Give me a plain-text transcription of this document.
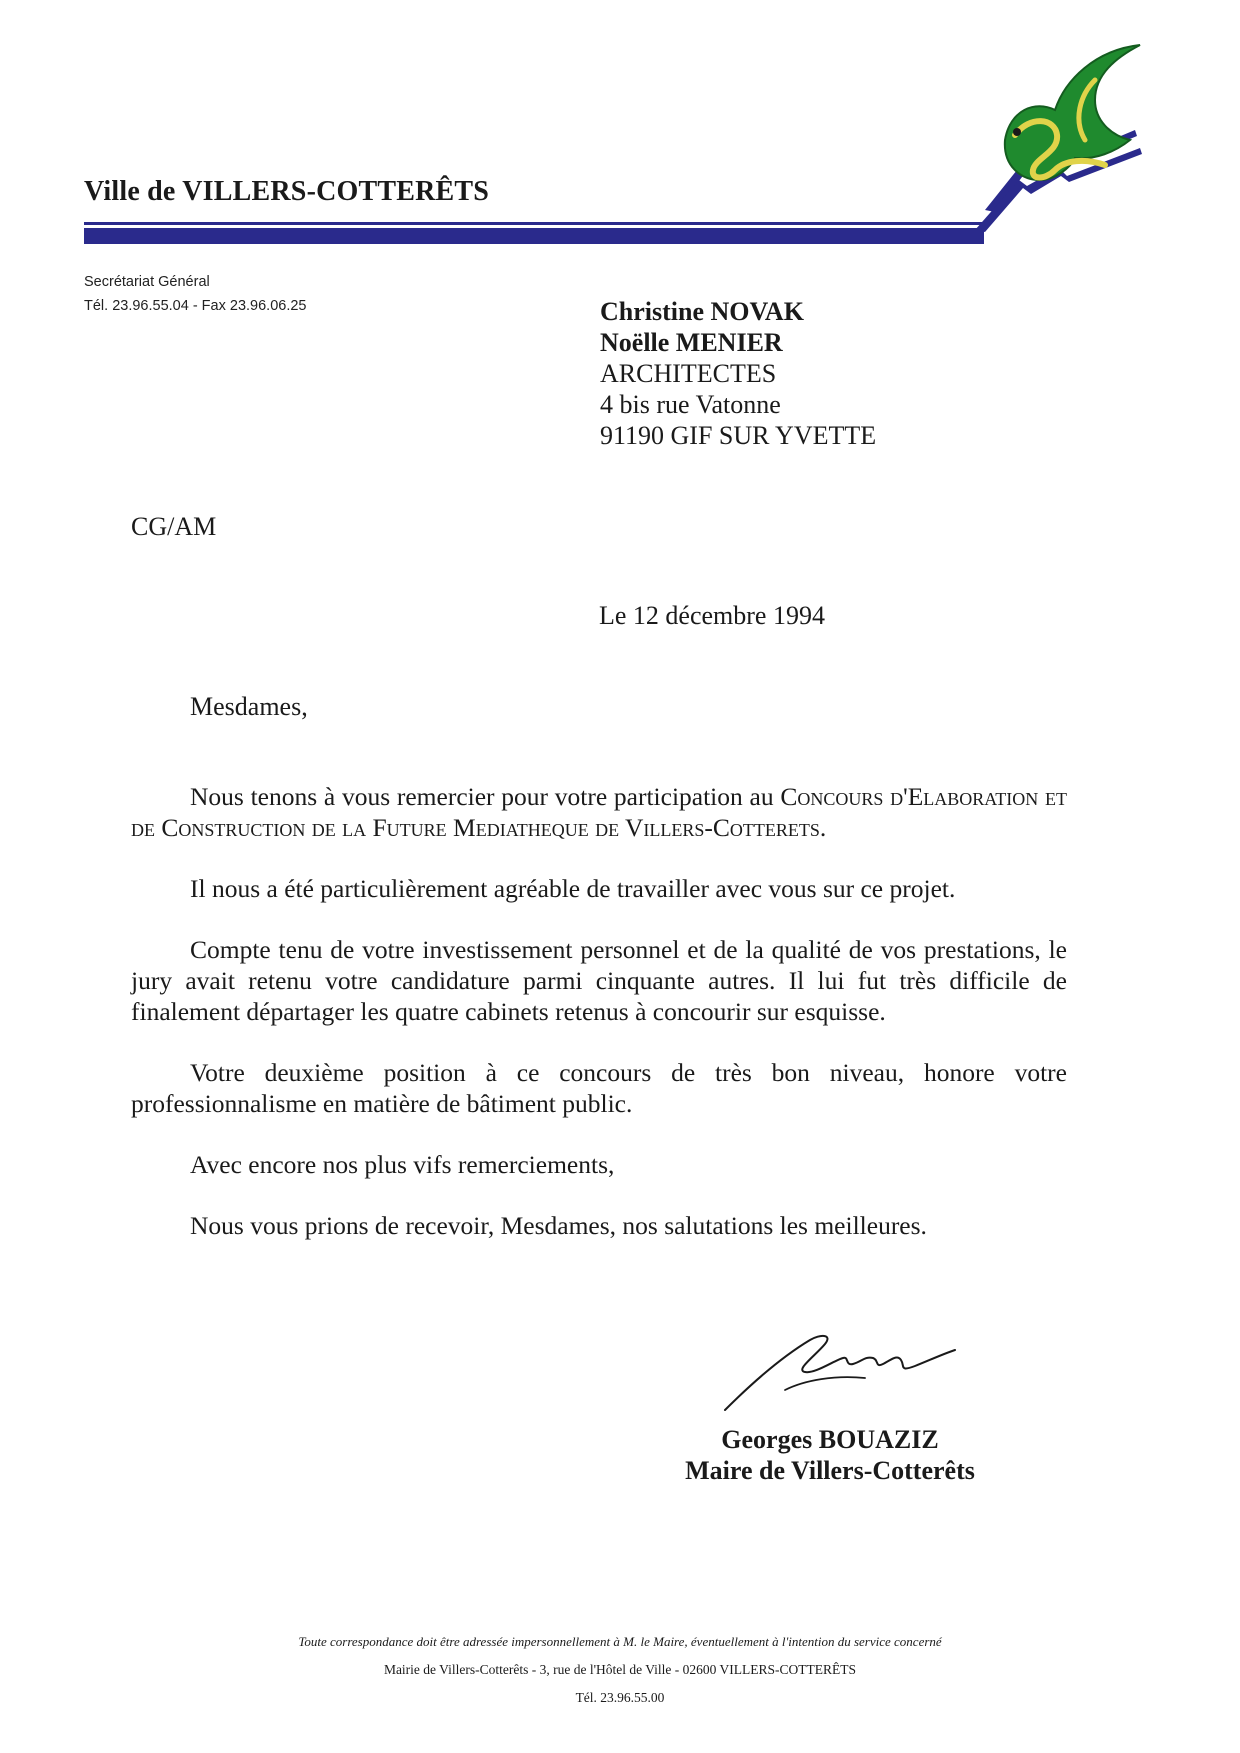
Ville de VILLERS-COTTERÊTS
Secrétariat Général
Tél. 23.96.55.04 - Fax 23.96.06.25	Christine NOVAK
Noëlle MENIER
ARCHITECTES
4 bis rue Vatonne
91190 GIF SUR YVETTE
CG/AM
Le 12 décembre 1994
Mesdames,

Nous tenons à vous remercier pour votre participation au Concours d'Elaboration et de Construction de la Future Mediatheque de Villers-Cotterets.

Il nous a été particulièrement agréable de travailler avec vous sur ce projet.

Compte tenu de votre investissement personnel et de la qualité de vos prestations, le jury avait retenu votre candidature parmi cinquante autres. Il lui fut très difficile de finalement départager les quatre cabinets retenus à concourir sur esquisse.

Votre deuxième position à ce concours de très bon niveau, honore votre professionnalisme en matière de bâtiment public.

Avec encore nos plus vifs remerciements,

Nous vous prions de recevoir, Mesdames, nos salutations les meilleures.

Georges BOUAZIZ
Maire de Villers-Cotterêts
Toute correspondance doit être adressée impersonnellement à M. le Maire, éventuellement à l'intention du service concerné
Mairie de Villers-Cotterêts - 3, rue de l'Hôtel de Ville - 02600 VILLERS-COTTERÊTS
Tél. 23.96.55.00
